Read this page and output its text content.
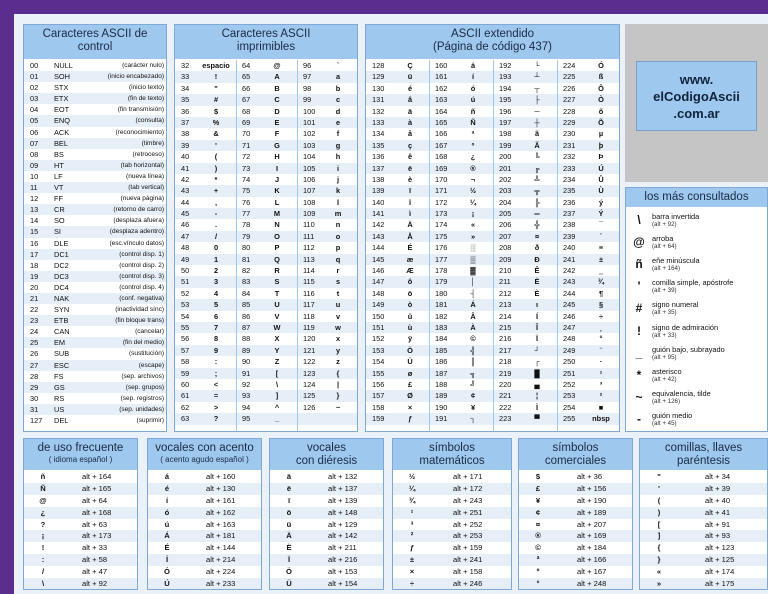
Caracteres ASCII de control
00 NULL	(carácter nulo)
01 SOH	(inicio encabezado)
02 STX	(inicio texto)
03 ETX	(fin de texto)
04 EOT	(fin transmisión)
05 ENQ	(consulta)
06 ACK	(reconocimiento)
07 BEL	(timbre)
08 BS	(retroceso)
09 HT	(tab horizontal)
10 LF	(nueva línea)
11 VT	(tab vertical)
12 FF	(nueva página)
13 CR	(retorno de carro)
14 SO	(desplaza afuera)
15 SI	(desplaza adentro)
16 DLE	(esc.vínculo datos)
17 DC1	(control disp. 1)
18 DC2	(control disp. 2)
19 DC3	(control disp. 3)
20 DC4	(control disp. 4)
21 NAK	(conf. negativa)
22 SYN	(inactividad sínc)
23 ETB	(fin bloque trans)
24 CAN	(cancelar)
25 EM	(fin del medio)
26 SUB	(sustitución)
27 ESC	(escape)
28 FS	(sep. archivos)
29 GS	(sep. grupos)
30 RS	(sep. registros)
31 US	(sep. unidades)
127 DEL	(suprimir)
Caracteres ASCII
imprimibles
32	espacio	64	@	96	`
33	!	65	A	97	a
34	"	66	B	98	b
35	#	67	C	99	c
36	$	68	D	100	d
37	%	69	E	101	e
38	&	70	F	102	f
39	'	71	G	103	g
40	(	72	H	104	h
41	)	73	I	105	i
42	*	74	J	106	j
43	+	75	K	107	k
44	,	76	L	108	l
45	-	77	M	109	m
46	.	78	N	110	n
47	/	79	O	111	o
48	0	80	P	112	p
49	1	81	Q	113	q
50	2	82	R	114	r
51	3	83	S	115	s
52	4	84	T	116	t
53	5	85	U	117	u
54	6	86	V	118	v
55	7	87	W	119	w
56	8	88	X	120	x
57	9	89	Y	121	y
58	:	90	Z	122	z
59	;	91	[	123	{
60	<	92	\	124	|
61	=	93	]	125	}
62	>	94	^	126	~
63	?	95	_
ASCII extendido
(Página de código 437)
128	Ç	160	á	192	└	224	Ó
129	ü	161	í	193	┴	225	ß
130	é	162	ó	194	┬	226	Ô
131	â	163	ú	195	├	227	Ò
132	ä	164	ñ	196	─	228	õ
133	à	165	Ñ	197	┼	229	Õ
134	å	166	ª	198	ã	230	µ
135	ç	167	º	199	Ã	231	þ
136	ê	168	¿	200	╚	232	Þ
137	ë	169	®	201	╔	233	Ú
138	è	170	¬	202	╩	234	Û
139	ï	171	½	203	╦	235	Ù
140	î	172	¼	204	╠	236	ý
141	ì	173	¡	205	═	237	Ý
142	Ä	174	«	206	╬	238	¯
143	Å	175	»	207	¤	239	´
144	É	176	░	208	ð	240	≡
145	æ	177	▒	209	Ð	241	±
146	Æ	178	▓	210	Ê	242	‗
147	ô	179	│	211	Ë	243	¾
148	ö	180	┤	212	È	244	¶
149	ò	181	Á	213	ı	245	§
150	û	182	Â	214	Í	246	÷
151	ù	183	À	215	Î	247	¸
152	ÿ	184	©	216	Ï	248	°
153	Ö	185	╣	217	┘	249	¨
154	Ü	186	║	218	┌	250	·
155	ø	187	╗	219	█	251	¹
156	£	188	╝	220	▄	252	³
157	Ø	189	¢	221	¦	253	²
158	×	190	¥	222	Ì	254	■
159	ƒ	191	┐	223	▀	255	nbsp
www.
elCodigoAscii
.com.ar
los más consultados
\	barra invertida
(alt + 92)
@ arroba
(alt + 64)
ñ	eñe minúscula
(alt + 164)
'	comilla simple, apóstrofe
(alt + 39)
#	signo numeral
(alt + 35)
!	signo de admiración
(alt + 33)
_	guión bajo, subrayado
(alt + 95)
*	asterisco
(alt + 42)
~	equivalencia, tilde
(alt + 126)
-	guión medio
(alt + 45)
de uso frecuente
( idioma español )
ñ	alt + 164
Ñ	alt + 165
@	alt + 64
¿	alt + 168
?	alt + 63
¡	alt + 173
!	alt + 33
:	alt + 58
/	alt + 47
\	alt + 92
vocales con acento
( acento agudo español )
á	alt + 160
é	alt + 130
í	alt + 161
ó	alt + 162
ú	alt + 163
Á	alt + 181
É	alt + 144
Í	alt + 214
Ó	alt + 224
Ú	alt + 233
vocales
con diéresis
ä	alt + 132
ë	alt + 137
ï	alt + 139
ö	alt + 148
ü	alt + 129
Ä	alt + 142
Ë	alt + 211
Ï	alt + 216
Ö	alt + 153
Ü	alt + 154
símbolos
matemáticos
½	alt + 171
¼	alt + 172
¾	alt + 243
¹	alt + 251
³	alt + 252
²	alt + 253
ƒ	alt + 159
±	alt + 241
×	alt + 158
÷	alt + 246
símbolos
comerciales
$	alt + 36
£	alt + 156
¥	alt + 190
¢	alt + 189
¤	alt + 207
®	alt + 169
©	alt + 184
ª	alt + 166
º	alt + 167
°	alt + 248
comillas, llaves
paréntesis
"	alt + 34
'	alt + 39
(	alt + 40
)	alt + 41
[	alt + 91
]	alt + 93
{	alt + 123
}	alt + 125
«	alt + 174
»	alt + 175
